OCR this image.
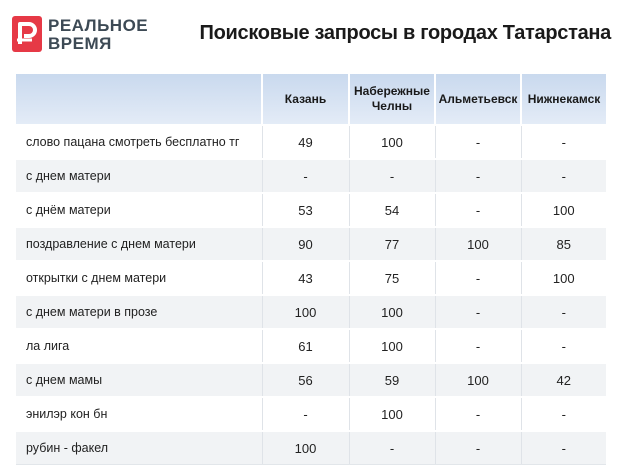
РЕАЛЬНОЕ
ВРЕМЯ	Поисковые запросы в городах Татарстана
	Казань	Набережные Челны	Альметьевск	Нижнекамск
слово пацана смотреть бесплатно тг	49	100	-	-
с днем матери	-	-	-	-
с днём матери	53	54	-	100
поздравление с днем матери	90	77	100	85
открытки с днем матери	43	75	-	100
с днем матери в прозе	100	100	-	-
ла лига	61	100	-	-
с днем мамы	56	59	100	42
энилэр кон бн	-	100	-	-
рубин - факел	100	-	-	-
